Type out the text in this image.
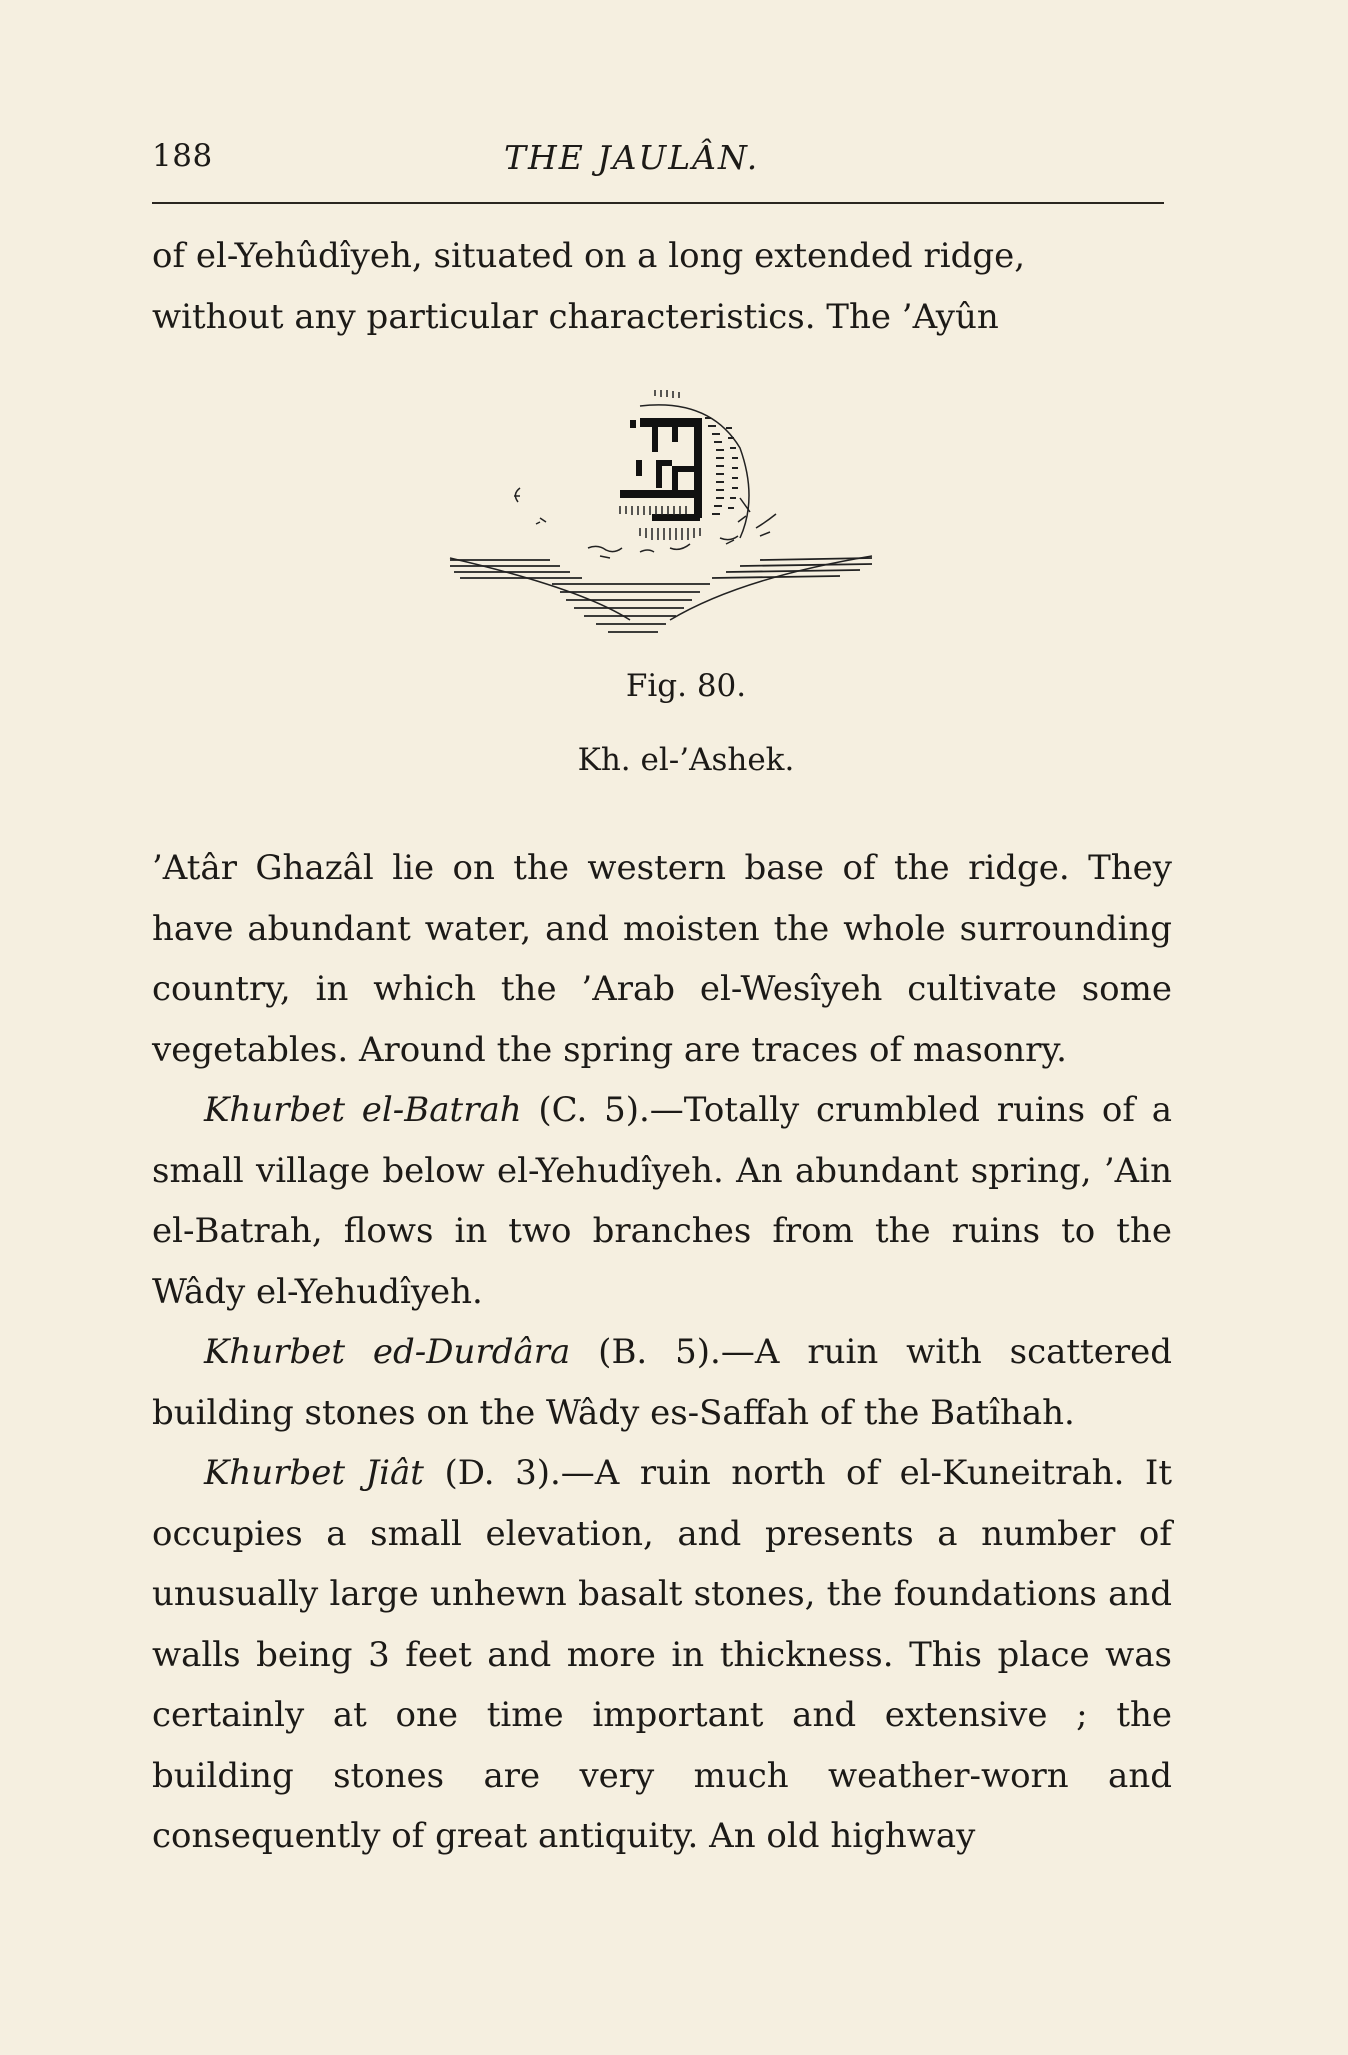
188	THE JAULÂN.

of el-Yehûdîyeh, situated on a long extended ridge,

without any particular characteristics. The ’Ayûn

Fig. 80.
Kh. el-’Ashek.

’Atâr Ghazâl lie on the western base of the ridge. They have abundant water, and moisten the whole surrounding country, in which the ’Arab el-Wesîyeh cultivate some vegetables. Around the spring are traces of masonry.

Khurbet el-Batrah (C. 5).—Totally crumbled ruins of a small village below el-Yehudîyeh. An abundant spring, ’Ain el-Batrah, flows in two branches from the ruins to the Wâdy el-Yehudîyeh.

Khurbet ed-Durdâra (B. 5).—A ruin with scattered building stones on the Wâdy es-Saffah of the Batîhah.

Khurbet Jiât (D. 3).—A ruin north of el-Kuneitrah. It occupies a small elevation, and presents a number of unusually large unhewn basalt stones, the foundations and walls being 3 feet and more in thickness. This place was certainly at one time important and extensive ; the building stones are very much weather-worn and consequently of great antiquity. An old highway
